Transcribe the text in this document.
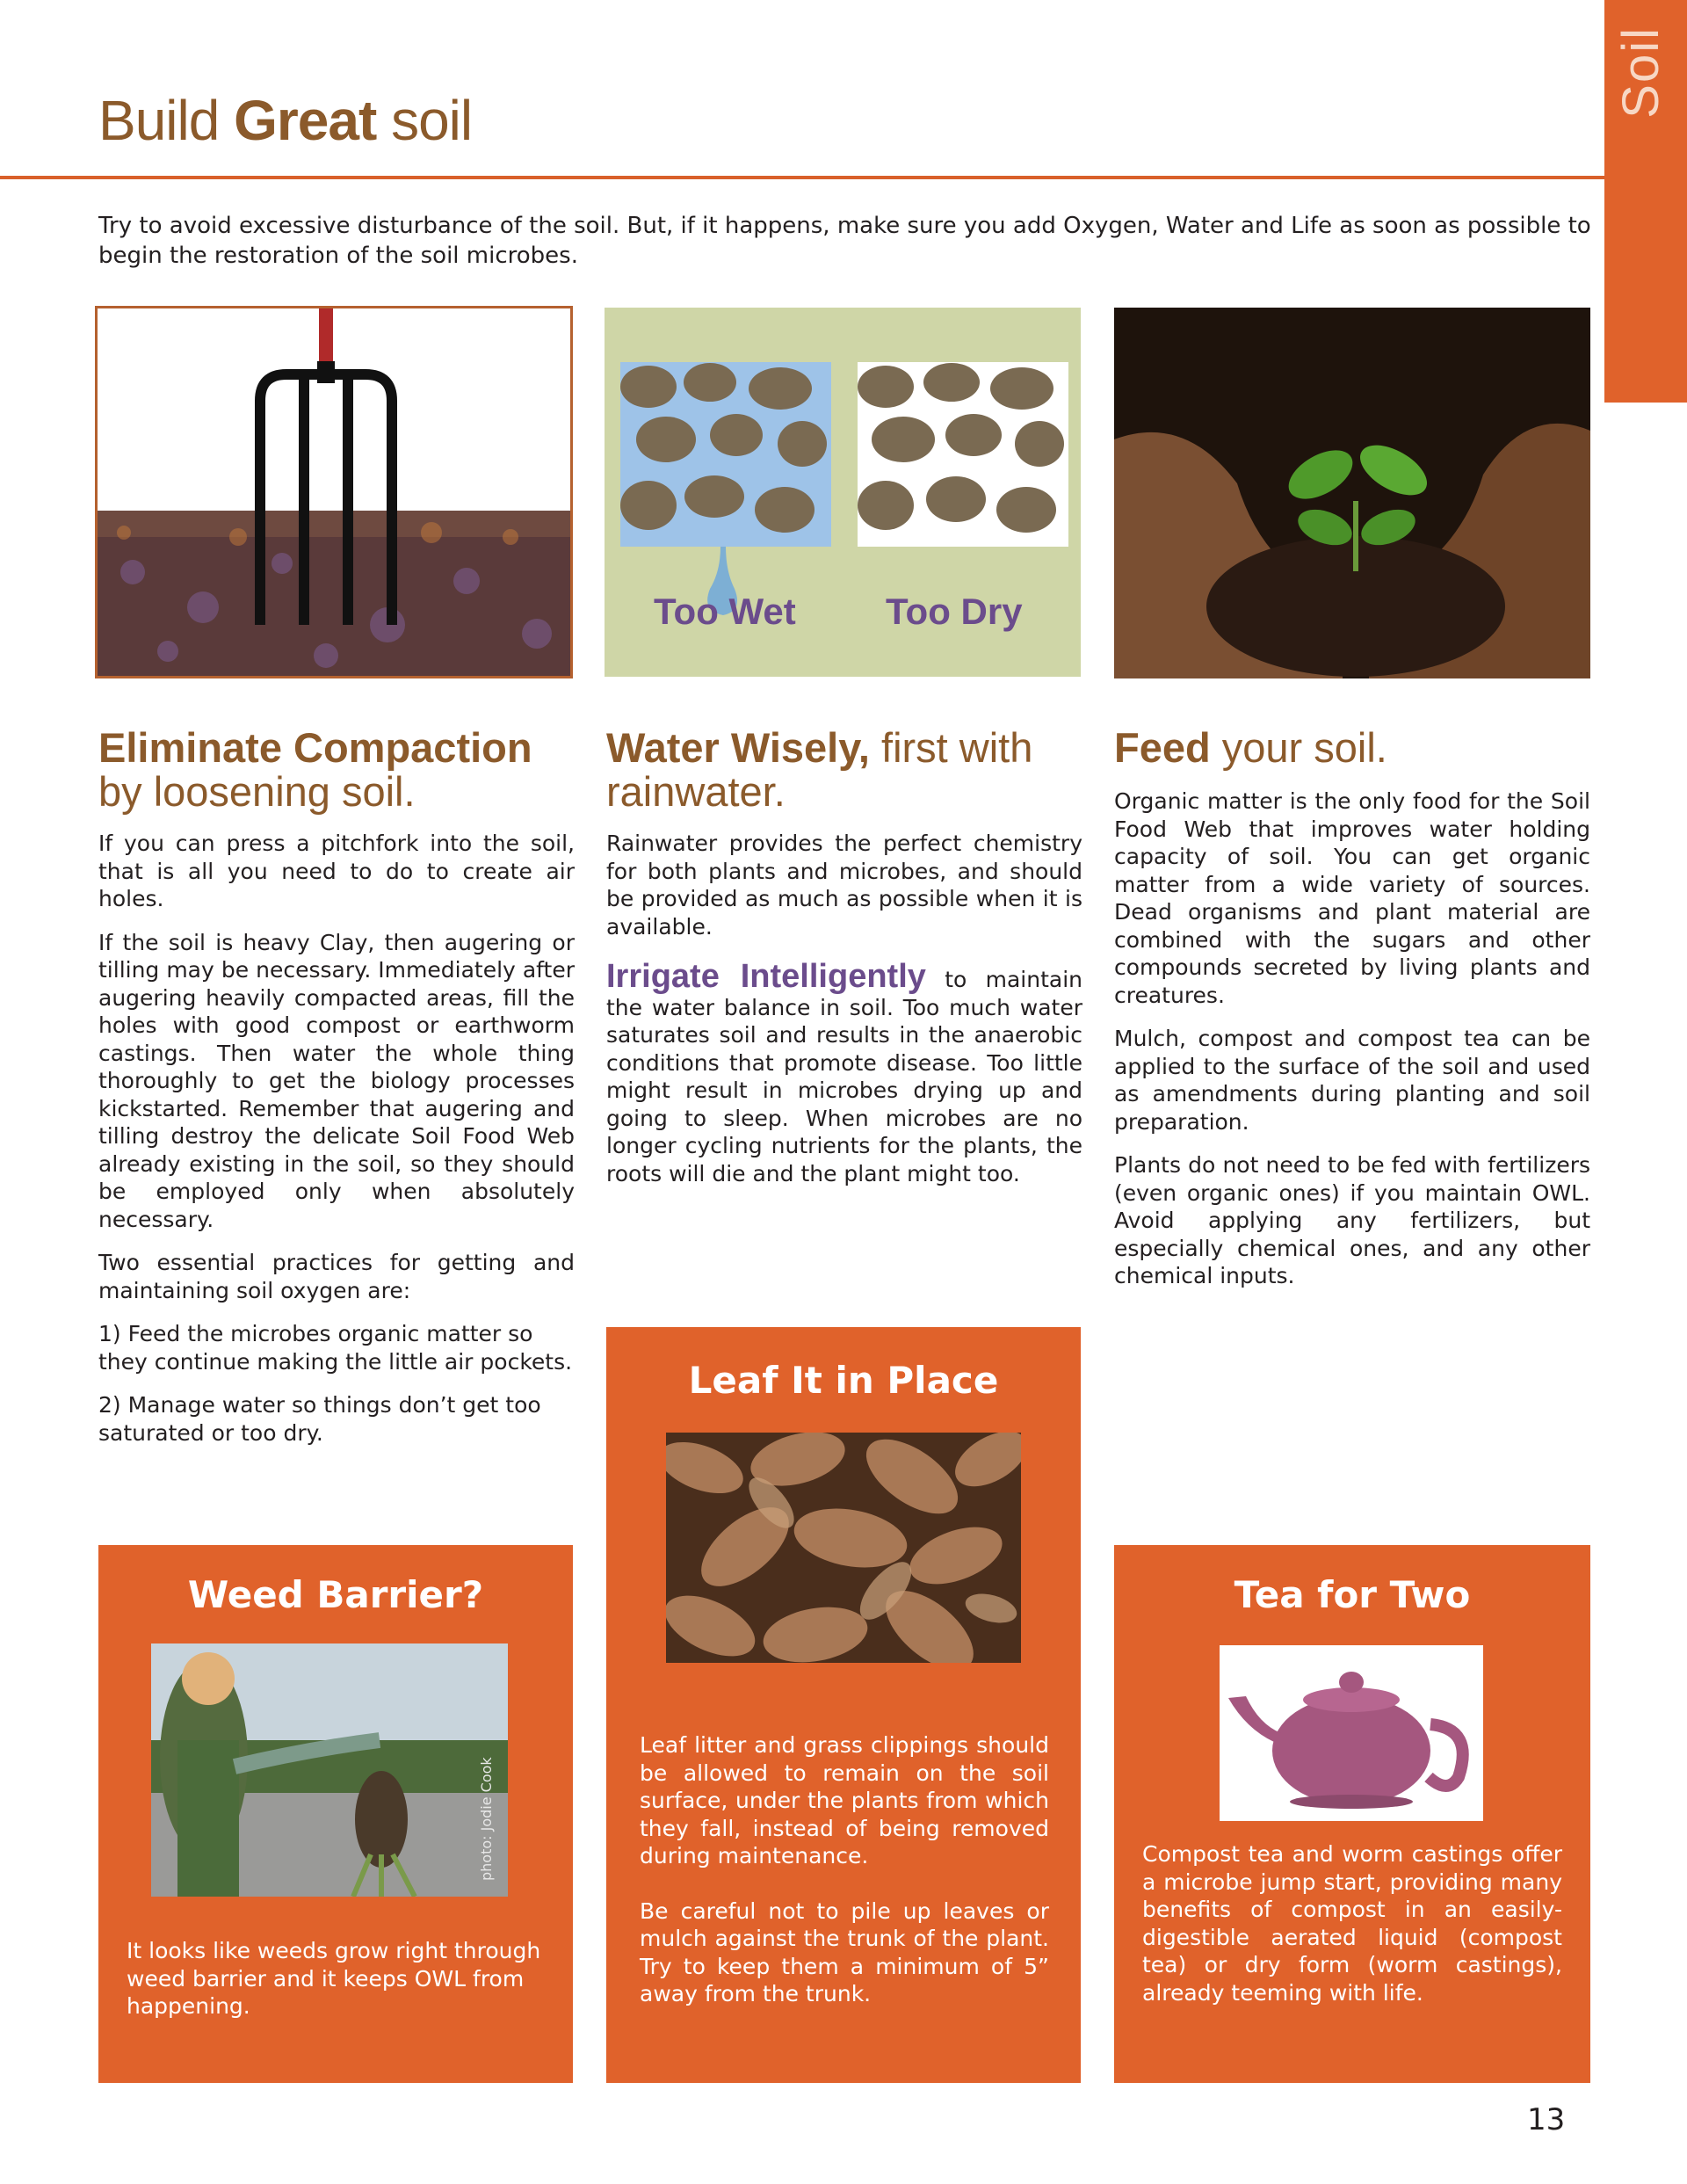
Build Great soil
Soil
Try to avoid excessive disturbance of the soil. But, if it happens, make sure you add Oxygen, Water and Life as soon as possible to begin the restoration of the soil microbes.
Too Wet Too Dry
Eliminate Compaction
by loosening soil.

If you can press a pitchfork into the soil, that is all you need to do to create air holes.

If the soil is heavy Clay, then augering or tilling may be necessary. Immediately after augering heavily compacted areas, fill the holes with good compost or earthworm castings. Then water the whole thing thoroughly to get the biology processes kickstarted. Remember that augering and tilling destroy the delicate Soil Food Web already existing in the soil, so they should be employed only when absolutely necessary.

Two essential practices for getting and maintaining soil oxygen are:

1) Feed the microbes organic matter so they continue making the little air pockets.

2) Manage water so things don’t get too saturated or too dry.

Water Wisely, first with rainwater.

Rainwater provides the perfect chemistry for both plants and microbes, and should be provided as much as possible when it is available.

Irrigate Intelligently to maintain the water balance in soil. Too much water saturates soil and results in the anaerobic conditions that promote disease. Too little might result in microbes drying up and going to sleep. When microbes are no longer cycling nutrients for the plants, the roots will die and the plant might too.

Feed your soil.

Organic matter is the only food for the Soil Food Web that improves water holding capacity of soil. You can get organic matter from a wide variety of sources. Dead organisms and plant material are combined with the sugars and other compounds secreted by living plants and creatures.

Mulch, compost and compost tea can be applied to the surface of the soil and used as amendments during planting and soil preparation.

Plants do not need to be fed with fertilizers (even organic ones) if you maintain OWL. Avoid applying any fertilizers, but especially chemical ones, and any other chemical inputs.

Leaf It in Place
Leaf litter and grass clippings should be allowed to remain on the soil surface, under the plants from which they fall, instead of being removed during maintenance.
Be careful not to pile up leaves or mulch against the trunk of the plant. Try to keep them a minimum of 5” away from the trunk.
Weed Barrier?
photo: Jodie Cook
It looks like weeds grow right through weed barrier and it keeps OWL from happening.
Tea for Two
Compost tea and worm castings offer a microbe jump start, providing many benefits of compost in an easily-digestible aerated liquid (compost tea) or dry form (worm castings), already teeming with life.
13
